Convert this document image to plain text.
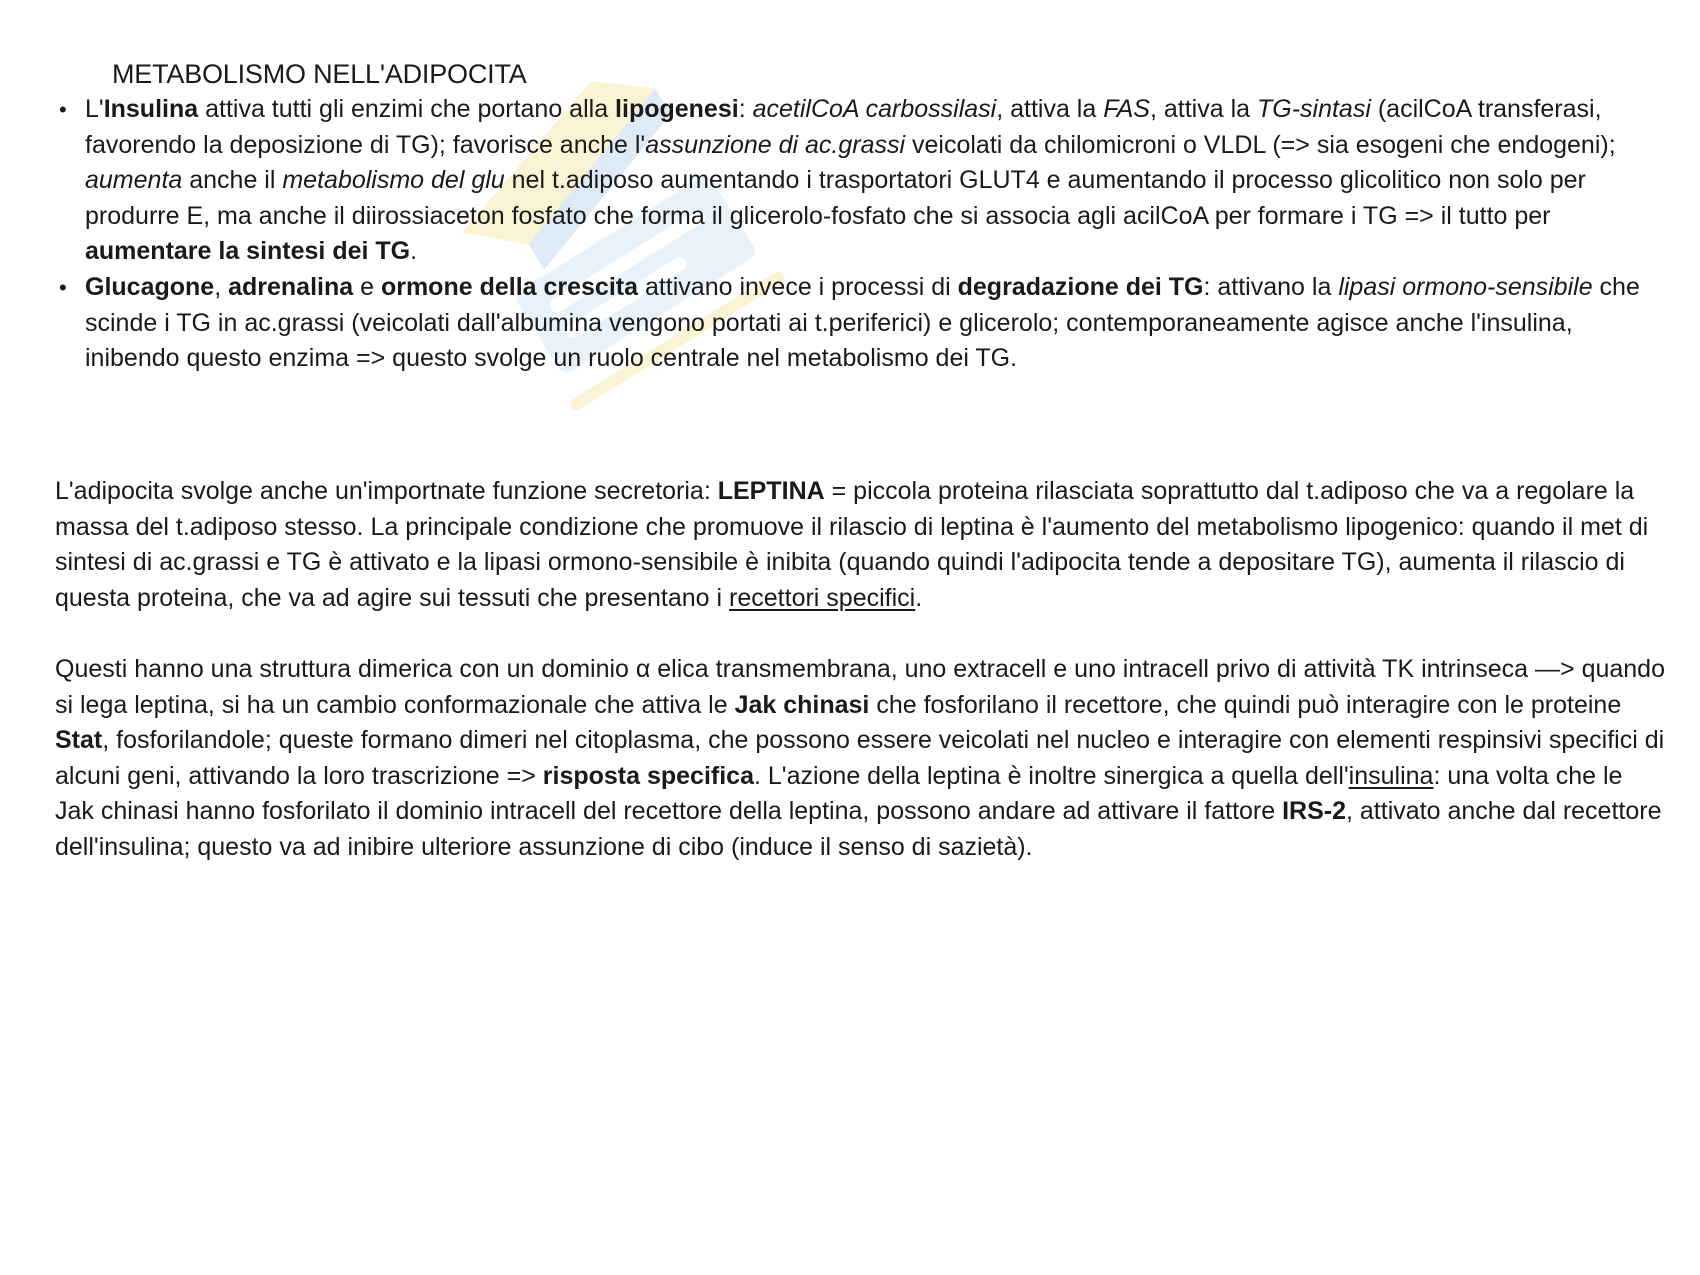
METABOLISMO NELL'ADIPOCITA
• L'Insulina attiva tutti gli enzimi che portano alla lipogenesi: acetilCoA carbossilasi, attiva la FAS, attiva la TG-sintasi (acilCoA transferasi, favorendo la deposizione di TG); favorisce anche l'assunzione di ac.grassi veicolati da chilomicroni o VLDL (=> sia esogeni che endogeni); aumenta anche il metabolismo del glu nel t.adiposo aumentando i trasportatori GLUT4 e aumentando il processo glicolitico non solo per produrre E, ma anche il diirossiaceton fosfato che forma il glicerolo-fosfato che si associa agli acilCoA per formare i TG => il tutto per aumentare la sintesi dei TG.
• Glucagone, adrenalina e ormone della crescita attivano invece i processi di degradazione dei TG: attivano la lipasi ormono-sensibile che scinde i TG in ac.grassi (veicolati dall'albumina vengono portati ai t.periferici) e glicerolo; contemporaneamente agisce anche l'insulina, inibendo questo enzima => questo svolge un ruolo centrale nel metabolismo dei TG.

L'adipocita svolge anche un'importnate funzione secretoria: LEPTINA = piccola proteina rilasciata soprattutto dal t.adiposo che va a regolare la massa del t.adiposo stesso. La principale condizione che promuove il rilascio di leptina è l'aumento del metabolismo lipogenico: quando il met di sintesi di ac.grassi e TG è attivato e la lipasi ormono-sensibile è inibita (quando quindi l'adipocita tende a depositare TG), aumenta il rilascio di questa proteina, che va ad agire sui tessuti che presentano i recettori specifici.

Questi hanno una struttura dimerica con un dominio α elica transmembrana, uno extracell e uno intracell privo di attività TK intrinseca —> quando si lega leptina, si ha un cambio conformazionale che attiva le Jak chinasi che fosforilano il recettore, che quindi può interagire con le proteine Stat, fosforilandole; queste formano dimeri nel citoplasma, che possono essere veicolati nel nucleo e interagire con elementi respinsivi specifici di alcuni geni, attivando la loro trascrizione => risposta specifica. L'azione della leptina è inoltre sinergica a quella dell'insulina: una volta che le Jak chinasi hanno fosforilato il dominio intracell del recettore della leptina, possono andare ad attivare il fattore IRS-2, attivato anche dal recettore dell'insulina; questo va ad inibire ulteriore assunzione di cibo (induce il senso di sazietà).
